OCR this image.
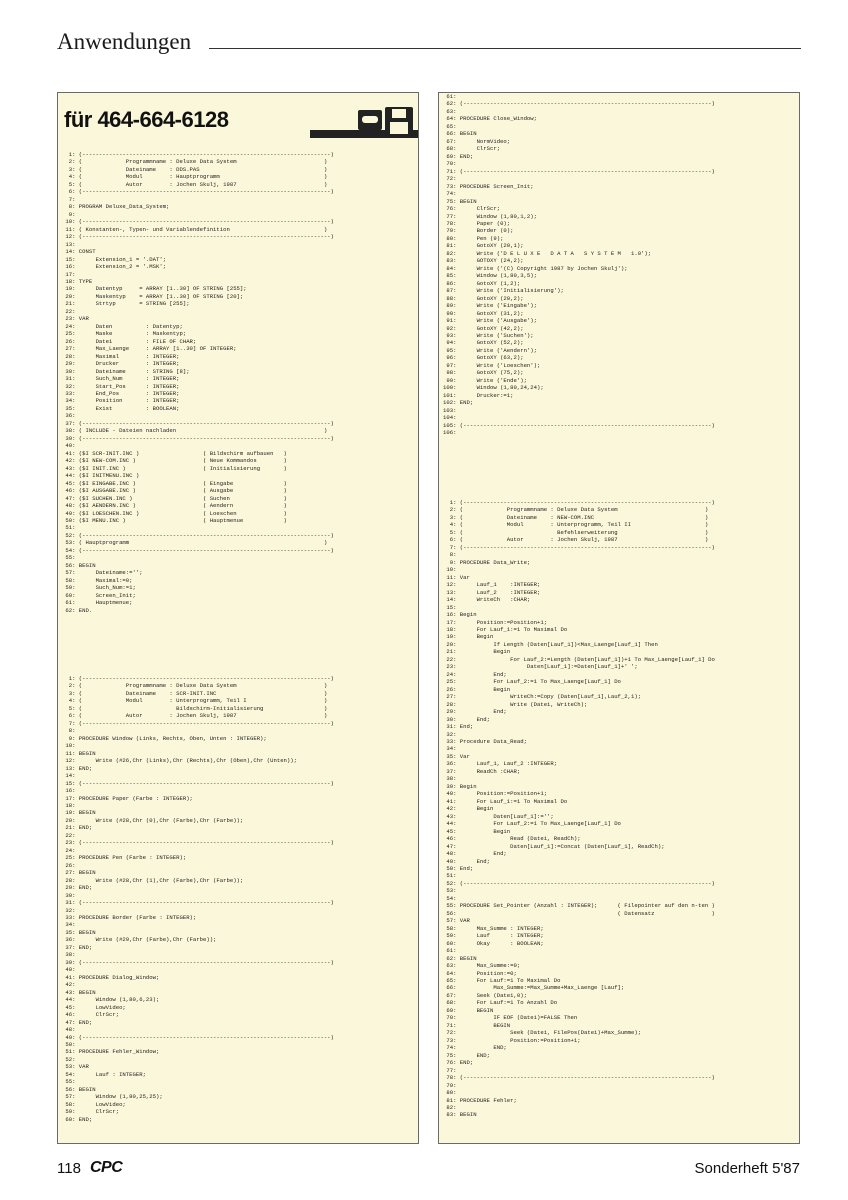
Anwendungen
für 464-664-6128
1: (--------------------------------------------------------------------------)
2: (             Programmname : Deluxe Data System                          )
3: (             Dateiname    : DDS.PAS                                     )
4: (             Modul        : Hauptprogramm                               )
5: (             Autor        : Jochen Skulj, 1987                          )
6: (--------------------------------------------------------------------------)
7:
8: PROGRAM Deluxe_Data_System;
9:
10: (--------------------------------------------------------------------------)
11: ( Konstanten-, Typen- und Variablendefinition                            )
12: (--------------------------------------------------------------------------)
13:
14: CONST
15:      Extension_1 = '.DAT';
16:      Extension_2 = '.MSK';
17:
18: TYPE
19:      Datentyp     = ARRAY [1..30] OF STRING [255];
20:      Maskentyp    = ARRAY [1..30] OF STRING [20];
21:      Strtyp       = STRING [255];
22:
23: VAR
24:      Daten          : Datentyp;
25:      Maske          : Maskentyp;
26:      Datei          : FILE OF CHAR;
27:      Max_Laenge     : ARRAY [1..30] OF INTEGER;
28:      Maximal        : INTEGER;
29:      Drucker        : INTEGER;
30:      Dateiname      : STRING [8];
31:      Such_Num       : INTEGER;
32:      Start_Pos      : INTEGER;
33:      End_Pos        : INTEGER;
34:      Position       : INTEGER;
35:      Exist          : BOOLEAN;
36:
37: (--------------------------------------------------------------------------)
38: ( INCLUDE - Dateien nachladen                                            )
39: (--------------------------------------------------------------------------)
40:
41: ($I SCR-INIT.INC )                   ( Bildschirm aufbauen   )
42: ($I NEW-COM.INC )                    ( Neue Kommandos        )
43: ($I INIT.INC )                       ( Initialisierung       )
44: ($I INITMENU.INC )
45: ($I EINGABE.INC )                    ( Eingabe               )
46: ($I AUSGABE.INC )                    ( Ausgabe               )
47: ($I SUCHEN.INC )                     ( Suchen                )
48: ($I AENDERN.INC )                    ( Aendern               )
49: ($I LOESCHEN.INC )                   ( Loeschen              )
50: ($I MENU.INC )                       ( Hauptmenue            )
51:
52: (--------------------------------------------------------------------------)
53: ( Hauptprogramm                                                          )
54: (--------------------------------------------------------------------------)
55:
56: BEGIN
57:      Dateiname:='';
58:      Maximal:=0;
59:      Such_Num:=1;
60:      Screen_Init;
61:      Hauptmenue;
62: END.
1: (--------------------------------------------------------------------------)
2: (             Programmname : Deluxe Data System                          )
3: (             Dateiname    : SCR-INIT.INC                                )
4: (             Modul        : Unterprogramm, Teil I                       )
5: (                            Bildschirm-Initialisierung                  )
6: (             Autor        : Jochen Skulj, 1987                          )
7: (--------------------------------------------------------------------------)
8:
9: PROCEDURE Window (Links, Rechts, Oben, Unten : INTEGER);
10:
11: BEGIN
12:      Write (#26,Chr (Links),Chr (Rechts),Chr (Oben),Chr (Unten));
13: END;
14:
15: (--------------------------------------------------------------------------)
16:
17: PROCEDURE Paper (Farbe : INTEGER);
18:
19: BEGIN
20:      Write (#28,Chr (0),Chr (Farbe),Chr (Farbe));
21: END;
22:
23: (--------------------------------------------------------------------------)
24:
25: PROCEDURE Pen (Farbe : INTEGER);
26:
27: BEGIN
28:      Write (#28,Chr (1),Chr (Farbe),Chr (Farbe));
29: END;
30:
31: (--------------------------------------------------------------------------)
32:
33: PROCEDURE Border (Farbe : INTEGER);
34:
35: BEGIN
36:      Write (#29,Chr (Farbe),Chr (Farbe));
37: END;
38:
39: (--------------------------------------------------------------------------)
40:
41: PROCEDURE Dialog_Window;
42:
43: BEGIN
44:      Window (1,80,6,23);
45:      LowVideo;
46:      ClrScr;
47: END;
48:
49: (--------------------------------------------------------------------------)
50:
51: PROCEDURE Fehler_Window;
52:
53: VAR
54:      Lauf : INTEGER;
55:
56: BEGIN
57:      Window (1,80,25,25);
58:      LowVideo;
59:      ClrScr;
60: END;
61:
62: (--------------------------------------------------------------------------)
63:
64: PROCEDURE Close_Window;
65:
66: BEGIN
67:      NormVideo;
68:      ClrScr;
69: END;
70:
71: (--------------------------------------------------------------------------)
72:
73: PROCEDURE Screen_Init;
74:
75: BEGIN
76:      ClrScr;
77:      Window (1,80,1,2);
78:      Paper (0);
79:      Border (0);
80:      Pen (9);
81:      GotoXY (20,1);
82:      Write ('D E L U X E   D A T A   S Y S T E M   1.0');
83:      GOTOXY (24,2);
84:      Write ('(C) Copyright 1987 by Jochen Skulj');
85:      Window (1,80,3,5);
86:      GotoXY (1,2);
87:      Write ('Initialisierung');
88:      GotoXY (20,2);
89:      Write ('Eingabe');
90:      GotoXY (31,2);
91:      Write ('Ausgabe');
92:      GotoXY (42,2);
93:      Write ('Suchen');
94:      GotoXY (52,2);
95:      Write ('Aendern');
96:      GotoXY (63,2);
97:      Write ('Loeschen');
98:      GotoXY (75,2);
99:      Write ('Ende');
100:      Window (1,80,24,24);
101:      Drucker:=1;
102: END;
103:
104:
105: (--------------------------------------------------------------------------)
106:
1: (--------------------------------------------------------------------------)
2: (             Programmname : Deluxe Data System                          )
3: (             Dateiname    : NEW-COM.INC                                 )
4: (             Modul        : Unterprogramm, Teil II                      )
5: (                            Befehlserweiterung                          )
6: (             Autor        : Jochen Skulj, 1987                          )
7: (--------------------------------------------------------------------------)
8:
9: PROCEDURE Data_Write;
10:
11: Var
12:      Lauf_1    :INTEGER;
13:      Lauf_2    :INTEGER;
14:      WriteCh   :CHAR;
15:
16: Begin
17:      Position:=Position+1;
18:      For Lauf_1:=1 To Maximal Do
19:      Begin
20:           If Length (Daten[Lauf_1])<Max_Laenge[Lauf_1] Then
21:           Begin
22:                For Lauf_2:=Length (Daten[Lauf_1])+1 To Max_Laenge[Lauf_1] Do
23:                     Daten[Lauf_1]:=Daten[Lauf_1]+' ';
24:           End;
25:           For Lauf_2:=1 To Max_Laenge[Lauf_1] Do
26:           Begin
27:                WriteCh:=Copy (Daten[Lauf_1],Lauf_2,1);
28:                Write (Datei, WriteCh);
29:           End;
30:      End;
31: End;
32:
33: Procedure Data_Read;
34:
35: Var
36:      Lauf_1, Lauf_2 :INTEGER;
37:      ReadCh :CHAR;
38:
39: Begin
40:      Position:=Position+1;
41:      For Lauf_1:=1 To Maximal Do
42:      Begin
43:           Daten[Lauf_1]:='';
44:           For Lauf_2:=1 To Max_Laenge[Lauf_1] Do
45:           Begin
46:                Read (Datei, ReadCh);
47:                Daten[Lauf_1]:=Concat (Daten[Lauf_1], ReadCh);
48:           End;
49:      End;
50: End;
51:
52: (--------------------------------------------------------------------------)
53:
54:
55: PROCEDURE Set_Pointer (Anzahl : INTEGER);      ( Filepointer auf den n-ten )
56:                                                ( Datensatz                 )
57: VAR
58:      Max_Summe : INTEGER;
59:      Lauf      : INTEGER;
60:      Okay      : BOOLEAN;
61:
62: BEGIN
63:      Max_Summe:=0;
64:      Position:=0;
65:      For Lauf:=1 To Maximal Do
66:           Max_Summe:=Max_Summe+Max_Laenge [Lauf];
67:      Seek (Datei,0);
68:      For Lauf:=1 To Anzahl Do
69:      BEGIN
70:           IF EOF (Datei)=FALSE Then
71:           BEGIN
72:                Seek (Datei, FilePos(Datei)+Max_Summe);
73:                Position:=Position+1;
74:           END;
75:      END;
76: END;
77:
78: (--------------------------------------------------------------------------)
79:
80:
81: PROCEDURE Fehler;
82:
83: BEGIN
118 CPC	Sonderheft 5'87
